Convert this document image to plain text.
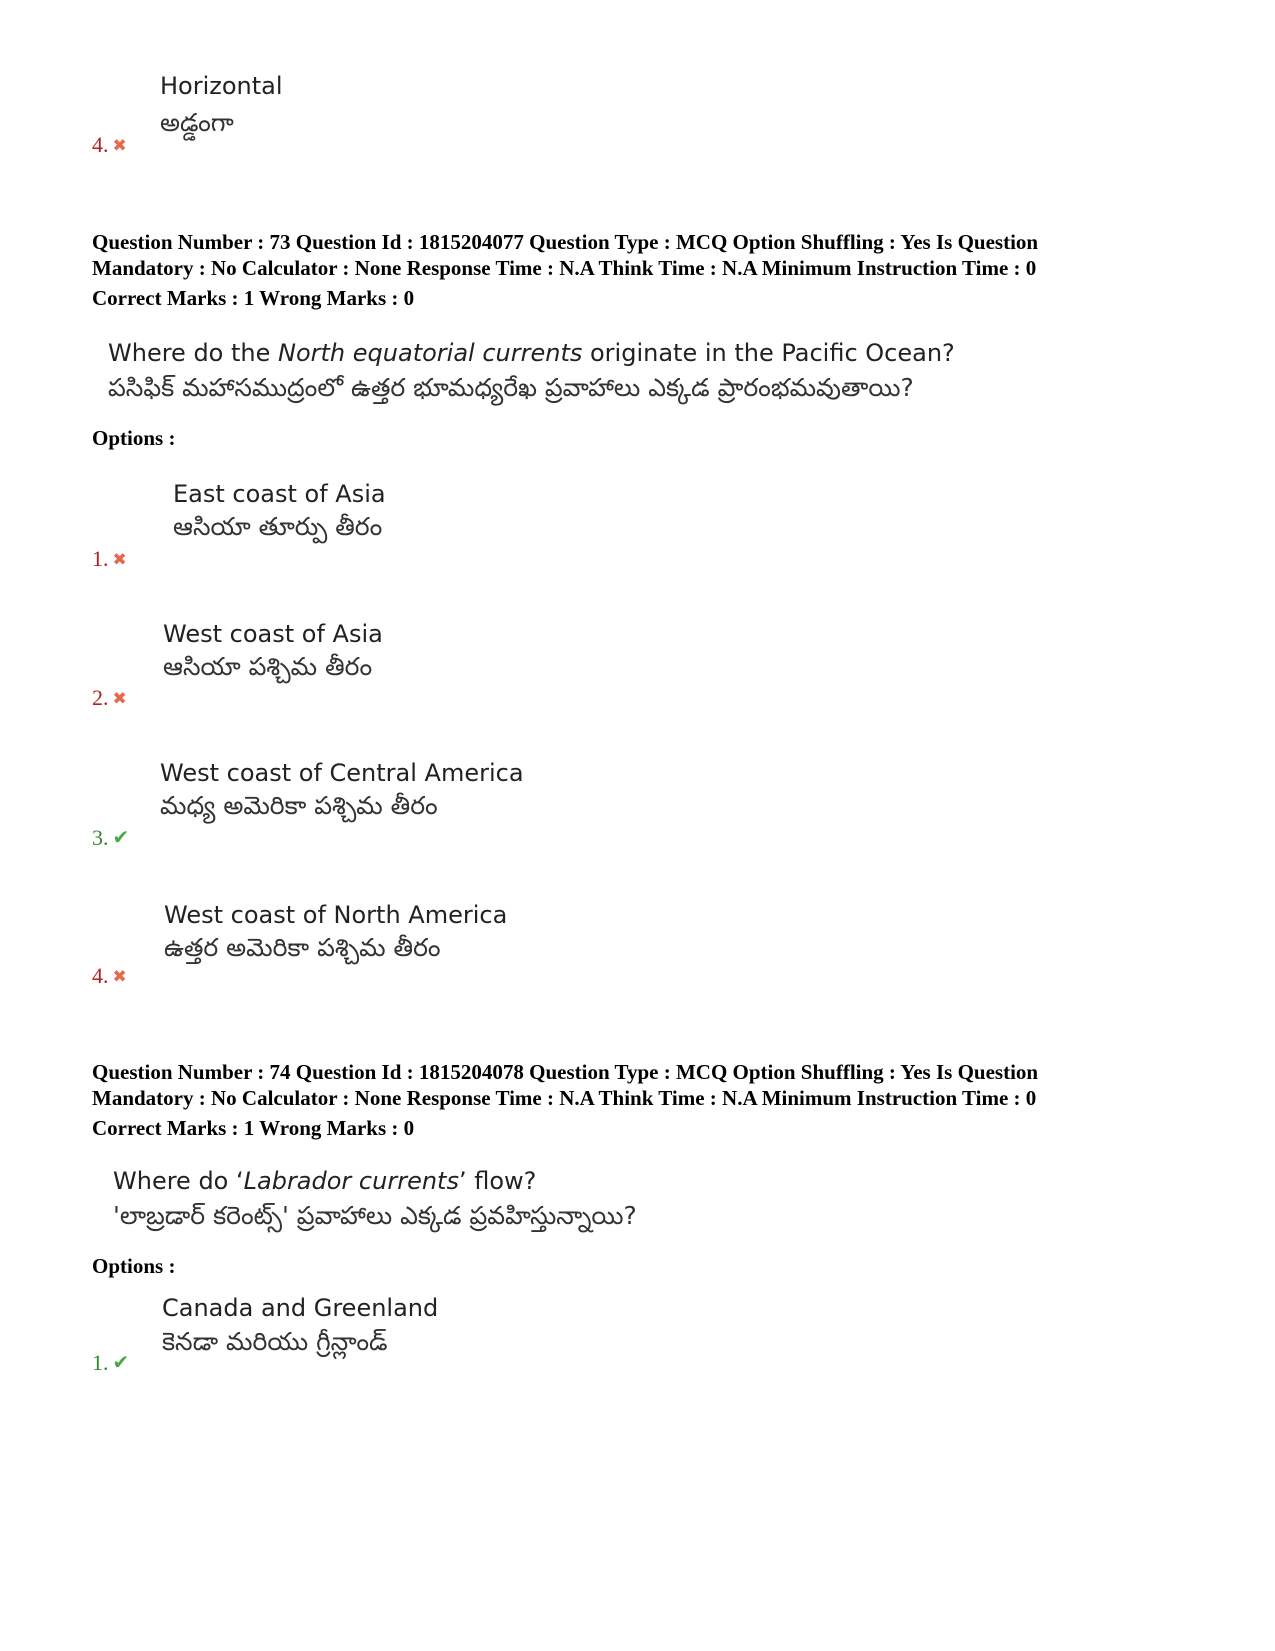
Horizontal
అడ్డంగా
4. ✖
Question Number : 73 Question Id : 1815204077 Question Type : MCQ Option Shuffling : Yes Is Question
Mandatory : No Calculator : None Response Time : N.A Think Time : N.A Minimum Instruction Time : 0
Correct Marks : 1 Wrong Marks : 0
Where do the North equatorial currents originate in the Pacific Ocean?
పసిఫిక్ మహాసముద్రంలో ఉత్తర భూమధ్యరేఖ ప్రవాహాలు ఎక్కడ ప్రారంభమవుతాయి?
Options :
East coast of Asia
ఆసియా తూర్పు తీరం
1. ✖
West coast of Asia
ఆసియా పశ్చిమ తీరం
2. ✖
West coast of Central America
మధ్య అమెరికా పశ్చిమ తీరం
3. ✔
West coast of North America
ఉత్తర అమెరికా పశ్చిమ తీరం
4. ✖
Question Number : 74 Question Id : 1815204078 Question Type : MCQ Option Shuffling : Yes Is Question
Mandatory : No Calculator : None Response Time : N.A Think Time : N.A Minimum Instruction Time : 0
Correct Marks : 1 Wrong Marks : 0
Where do ‘Labrador currents’ flow?
'లాబ్రడార్ కరెంట్స్' ప్రవాహాలు ఎక్కడ ప్రవహిస్తున్నాయి?
Options :
Canada and Greenland
కెనడా మరియు గ్రీన్లాండ్
1. ✔
